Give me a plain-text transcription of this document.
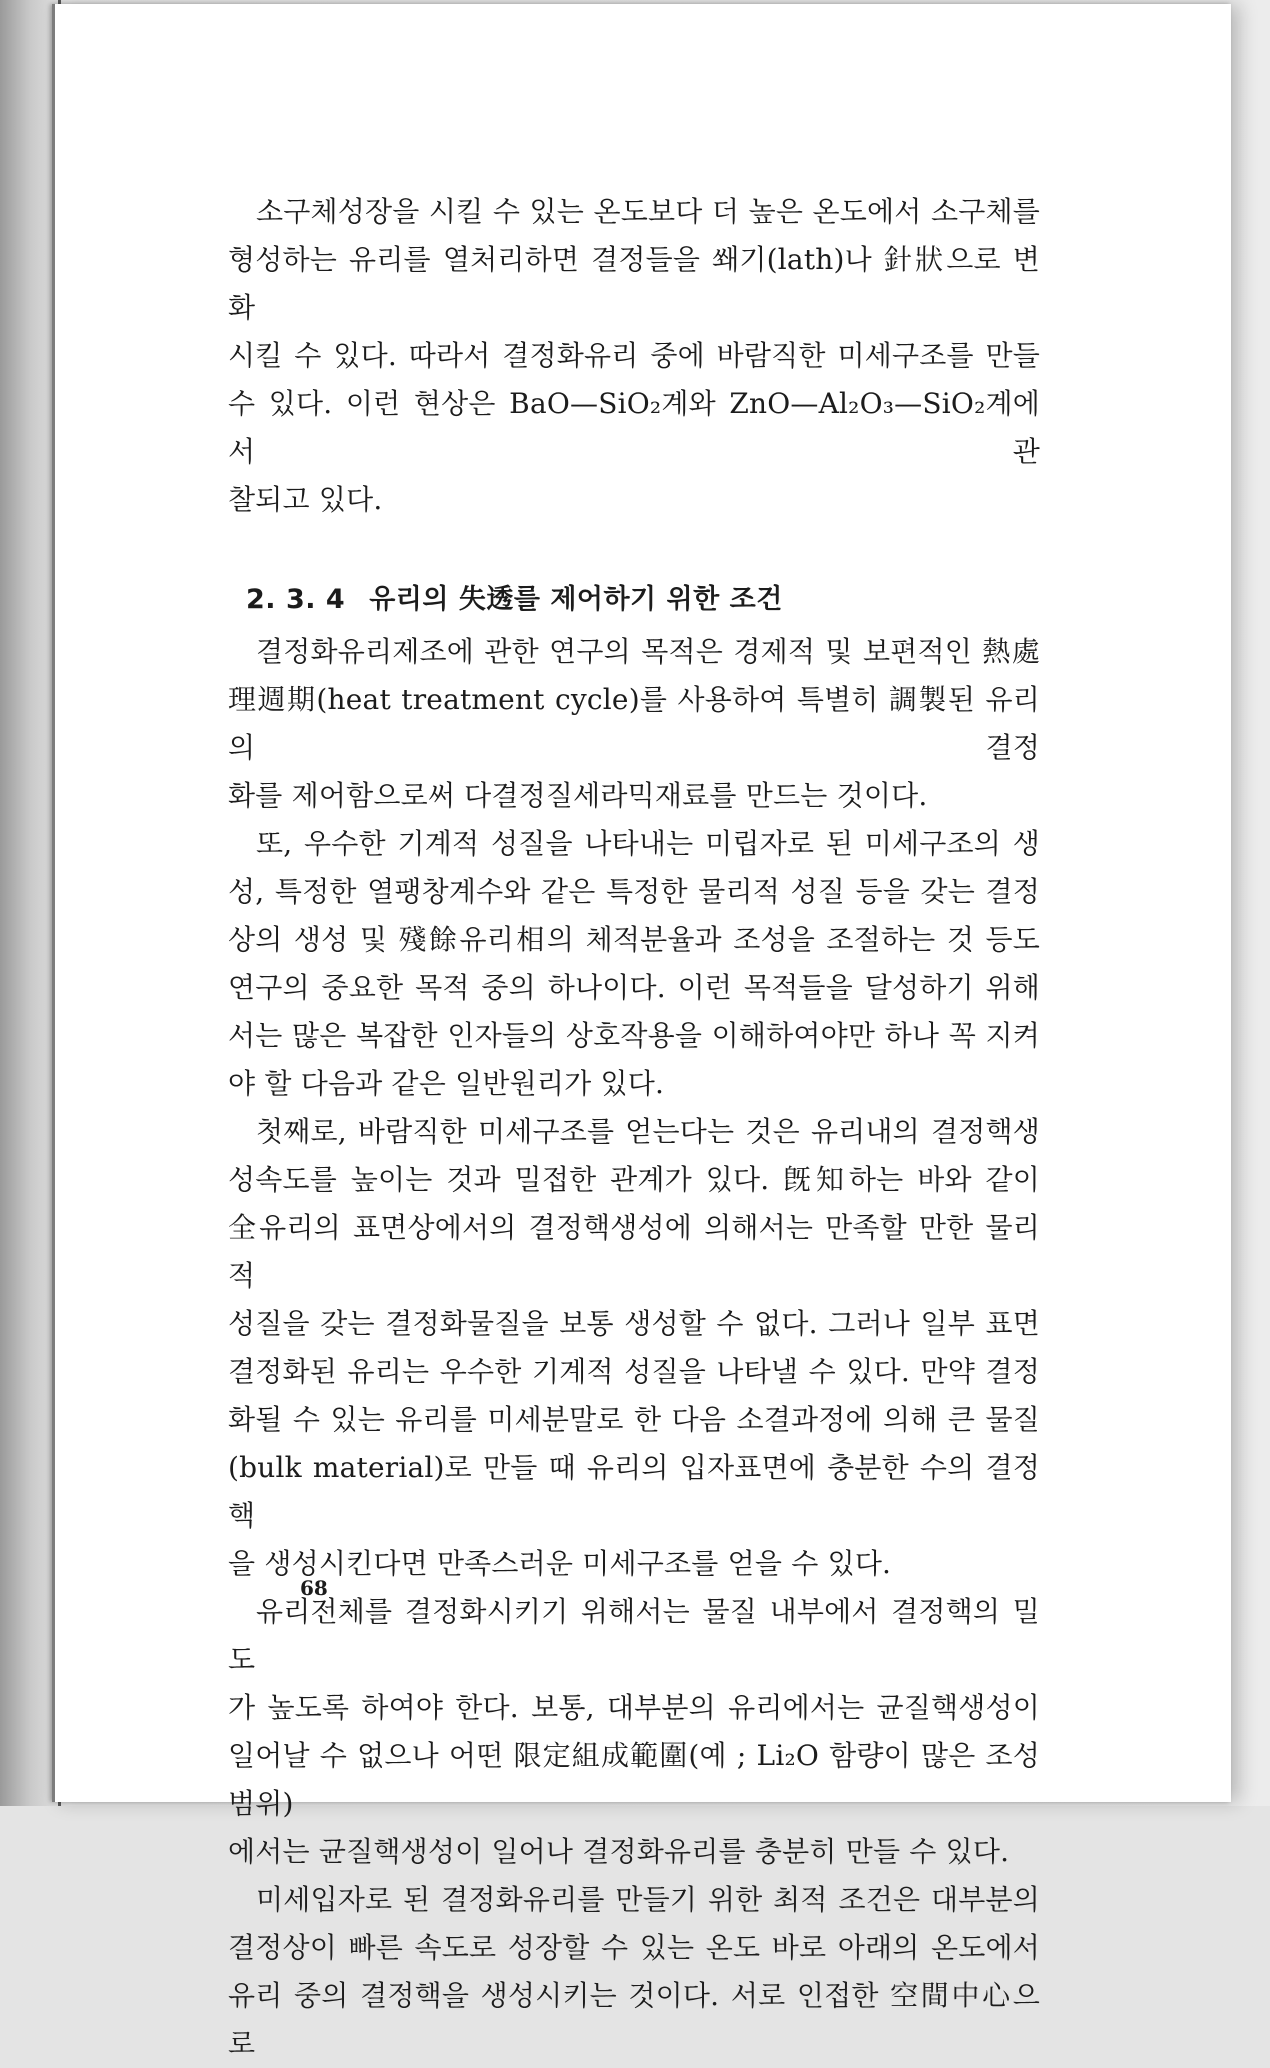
소구체성장을 시킬 수 있는 온도보다 더 높은 온도에서 소구체를

형성하는 유리를 열처리하면 결정들을 쐐기(lath)나 針狀으로 변화

시킬 수 있다. 따라서 결정화유리 중에 바람직한 미세구조를 만들

수 있다. 이런 현상은 BaO—SiO₂계와 ZnO—Al₂O₃—SiO₂계에서 관

찰되고 있다.

2. 3. 4 유리의 失透를 제어하기 위한 조건

결정화유리제조에 관한 연구의 목적은 경제적 및 보편적인 熱處

理週期(heat treatment cycle)를 사용하여 특별히 調製된 유리의 결정

화를 제어함으로써 다결정질세라믹재료를 만드는 것이다.

또, 우수한 기계적 성질을 나타내는 미립자로 된 미세구조의 생

성, 특정한 열팽창계수와 같은 특정한 물리적 성질 등을 갖는 결정

상의 생성 및 殘餘유리相의 체적분율과 조성을 조절하는 것 등도

연구의 중요한 목적 중의 하나이다. 이런 목적들을 달성하기 위해

서는 많은 복잡한 인자들의 상호작용을 이해하여야만 하나 꼭 지켜

야 할 다음과 같은 일반원리가 있다.

첫째로, 바람직한 미세구조를 얻는다는 것은 유리내의 결정핵생

성속도를 높이는 것과 밀접한 관계가 있다. 旣知하는 바와 같이

全유리의 표면상에서의 결정핵생성에 의해서는 만족할 만한 물리적

성질을 갖는 결정화물질을 보통 생성할 수 없다. 그러나 일부 표면

결정화된 유리는 우수한 기계적 성질을 나타낼 수 있다. 만약 결정

화될 수 있는 유리를 미세분말로 한 다음 소결과정에 의해 큰 물질

(bulk material)로 만들 때 유리의 입자표면에 충분한 수의 결정핵

을 생성시킨다면 만족스러운 미세구조를 얻을 수 있다.

유리전체를 결정화시키기 위해서는 물질 내부에서 결정핵의 밀도

가 높도록 하여야 한다. 보통, 대부분의 유리에서는 균질핵생성이

일어날 수 없으나 어떤 限定組成範圍(예 ; Li₂O 함량이 많은 조성범위)

에서는 균질핵생성이 일어나 결정화유리를 충분히 만들 수 있다.

미세입자로 된 결정화유리를 만들기 위한 최적 조건은 대부분의

결정상이 빠른 속도로 성장할 수 있는 온도 바로 아래의 온도에서

유리 중의 결정핵을 생성시키는 것이다. 서로 인접한 空間中心으로

68
